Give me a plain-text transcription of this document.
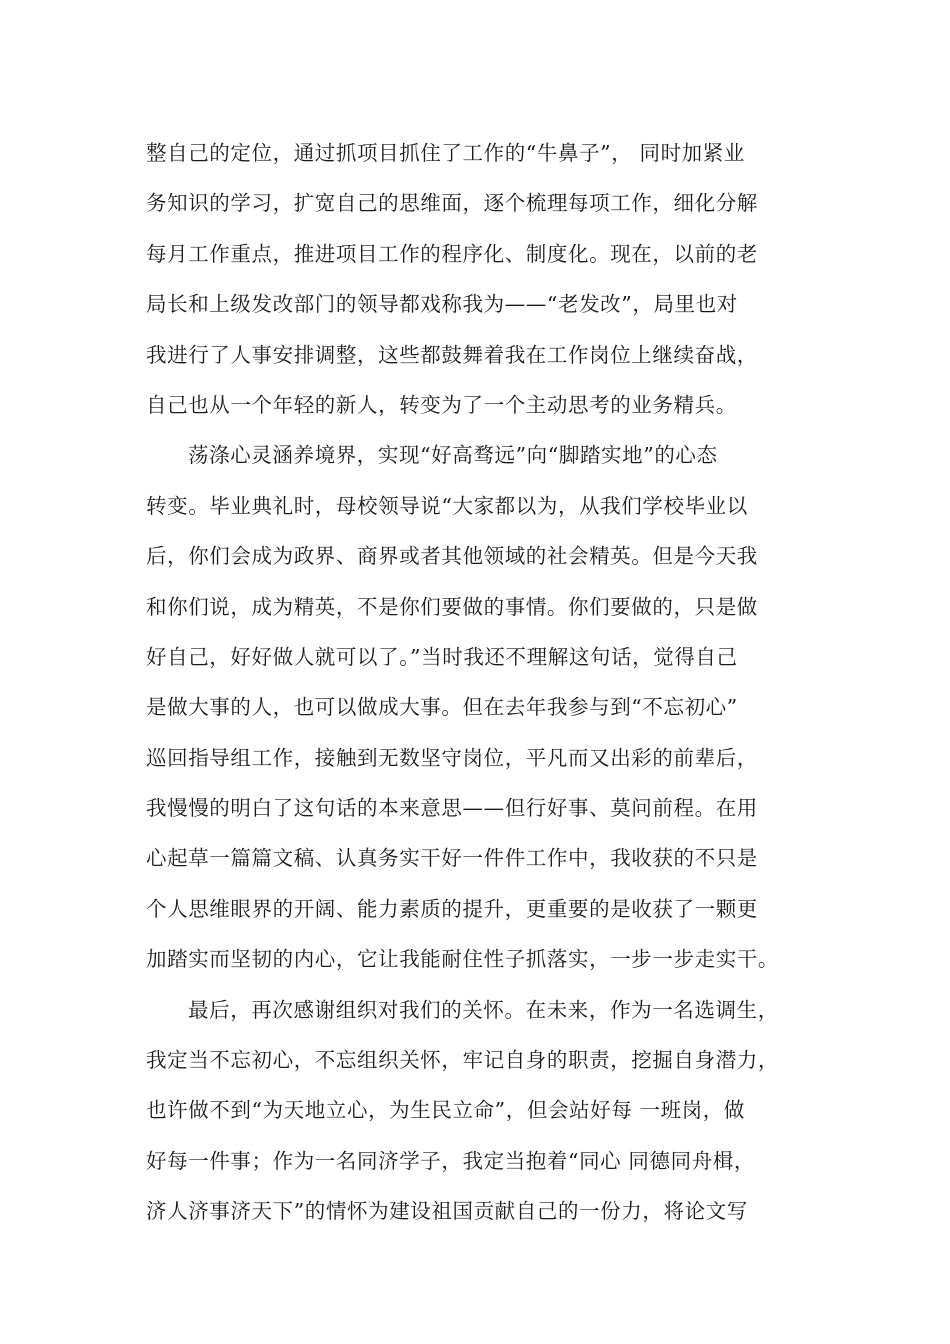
整自己的定位，通过抓项目抓住了工作的“牛鼻子”， 同时加紧业
务知识的学习，扩宽自己的思维面，逐个梳理每项工作，细化分解
每月工作重点，推进项目工作的程序化、制度化。现在，以前的老
局长和上级发改部门的领导都戏称我为——“老发改”，局里也对
我进行了人事安排调整，这些都鼓舞着我在工作岗位上继续奋战，
自己也从一个年轻的新人，转变为了一个主动思考的业务精兵。
荡涤心灵涵养境界，实现“好高骛远”向“脚踏实地”的心态
转变。毕业典礼时，母校领导说“大家都以为，从我们学校毕业以
后，你们会成为政界、商界或者其他领域的社会精英。但是今天我
和你们说，成为精英，不是你们要做的事情。你们要做的，只是做
好自己，好好做人就可以了。”当时我还不理解这句话，觉得自己
是做大事的人，也可以做成大事。但在去年我参与到“不忘初心”
巡回指导组工作，接触到无数坚守岗位，平凡而又出彩的前辈后，
我慢慢的明白了这句话的本来意思——但行好事、莫问前程。在用
心起草一篇篇文稿、认真务实干好一件件工作中，我收获的不只是
个人思维眼界的开阔、能力素质的提升，更重要的是收获了一颗更
加踏实而坚韧的内心，它让我能耐住性子抓落实，一步一步走实干。
最后，再次感谢组织对我们的关怀。在未来，作为一名选调生，
我定当不忘初心，不忘组织关怀，牢记自身的职责，挖掘自身潜力，
也许做不到“为天地立心，为生民立命”，但会站好每 一班岗，做
好每一件事；作为一名同济学子，我定当抱着“同心 同德同舟楫，
济人济事济天下”的情怀为建设祖国贡献自己的一份力，将论文写
